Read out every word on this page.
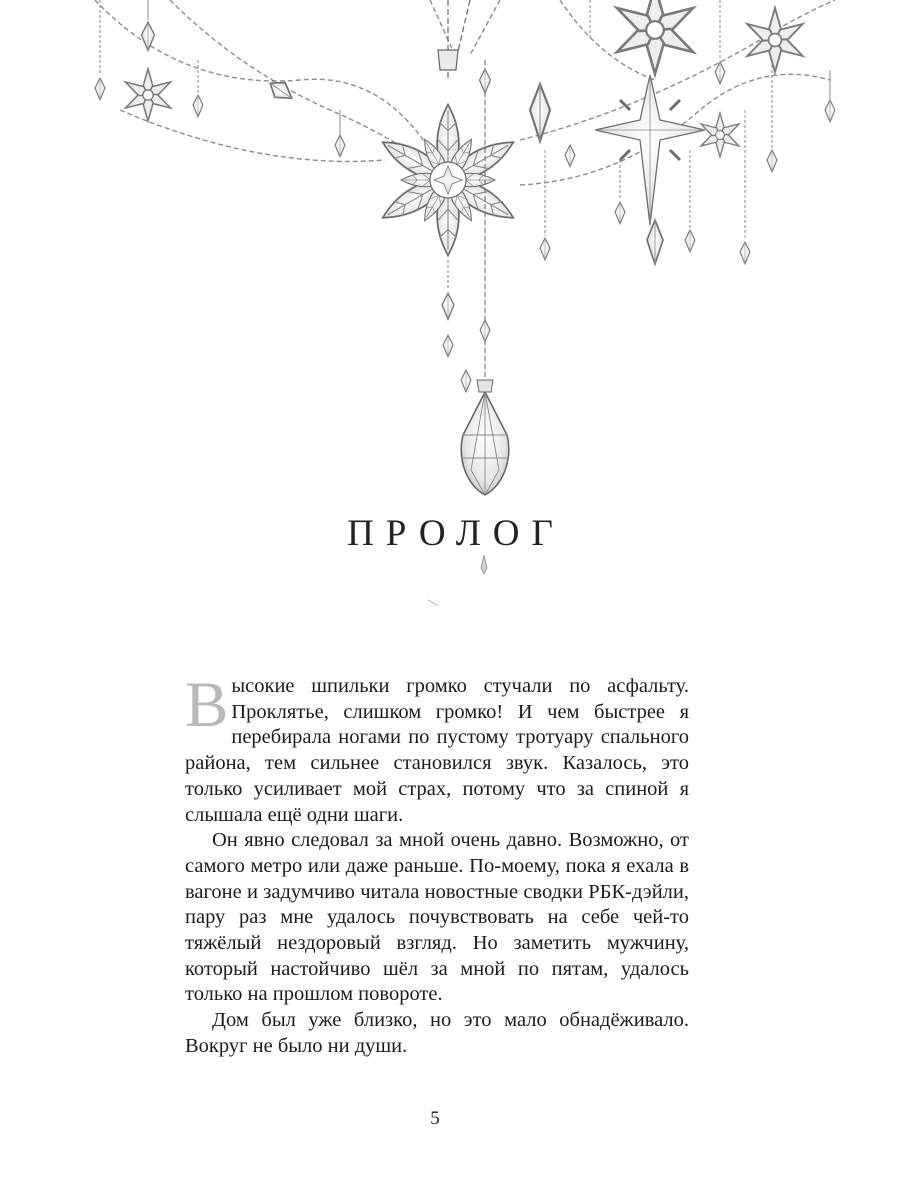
ПРОЛОГ

Высокие шпильки громко стучали по асфальту. Проклятье, слишком громко! И чем быстрее я перебирала ногами по пустому тротуару спального района, тем сильнее становился звук. Казалось, это только усиливает мой страх, потому что за спиной я слышала ещё одни шаги.

Он явно следовал за мной очень давно. Возможно, от самого метро или даже раньше. По-моему, пока я ехала в вагоне и задумчиво читала новостные сводки РБК-дэйли, пару раз мне удалось почувствовать на себе чей-то тяжёлый нездоровый взгляд. Но заметить мужчину, который настойчиво шёл за мной по пятам, удалось только на прошлом повороте.

Дом был уже близко, но это мало обнадёживало. Вокруг не было ни души.

5
